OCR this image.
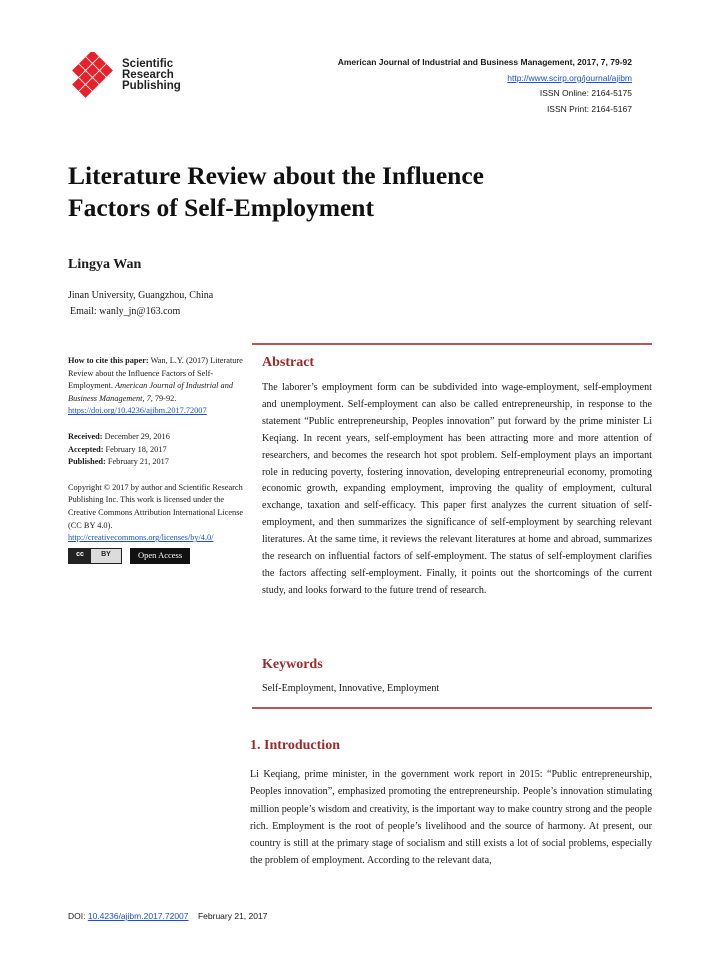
Scientific
Research
Publishing
American Journal of Industrial and Business Management, 2017, 7, 79-92
http://www.scirp.org/journal/ajibm
ISSN Online: 2164-5175
ISSN Print: 2164-5167
Literature Review about the Influence
Factors of Self-Employment
Lingya Wan
Jinan University, Guangzhou, China
Email: wanly_jn@163.com
How to cite this paper: Wan, L.Y. (2017) Literature Review about the Influence Factors of Self-Employment. American Journal of Industrial and Business Management, 7, 79-92.
https://doi.org/10.4236/ajibm.2017.72007
Received: December 29, 2016
Accepted: February 18, 2017
Published: February 21, 2017
Copyright © 2017 by author and Scientific Research Publishing Inc. This work is licensed under the Creative Commons Attribution International License (CC BY 4.0).
http://creativecommons.org/licenses/by/4.0/
cc	BY	Open Access
Abstract
The laborer’s employment form can be subdivided into wage-employment, self-employment and unemployment. Self-employment can also be called entrepreneurship, in response to the statement “Public entrepreneurship, Peoples innovation” put forward by the prime minister Li Keqiang. In recent years, self-employment has been attracting more and more attention of researchers, and becomes the research hot spot problem. Self-employment plays an important role in reducing poverty, fostering innovation, developing entrepreneurial economy, promoting economic growth, expanding employment, improving the quality of employment, cultural exchange, taxation and self-efficacy. This paper first analyzes the current situation of self-employment, and then summarizes the significance of self-employment by searching relevant literatures. At the same time, it reviews the relevant literatures at home and abroad, summarizes the research on influential factors of self-employment. The status of self-employment clarifies the factors affecting self-employment. Finally, it points out the shortcomings of the current study, and looks forward to the future trend of research.
Keywords
Self-Employment, Innovative, Employment
1. Introduction
Li Keqiang, prime minister, in the government work report in 2015: “Public entrepreneurship, Peoples innovation”, emphasized promoting the entrepreneurship. People’s innovation stimulating million people’s wisdom and creativity, is the important way to make country strong and the people rich. Employment is the root of people’s livelihood and the source of harmony. At present, our country is still at the primary stage of socialism and still exists a lot of social problems, especially the problem of employment. According to the relevant data,
DOI: 10.4236/ajibm.2017.72007 February 21, 2017
